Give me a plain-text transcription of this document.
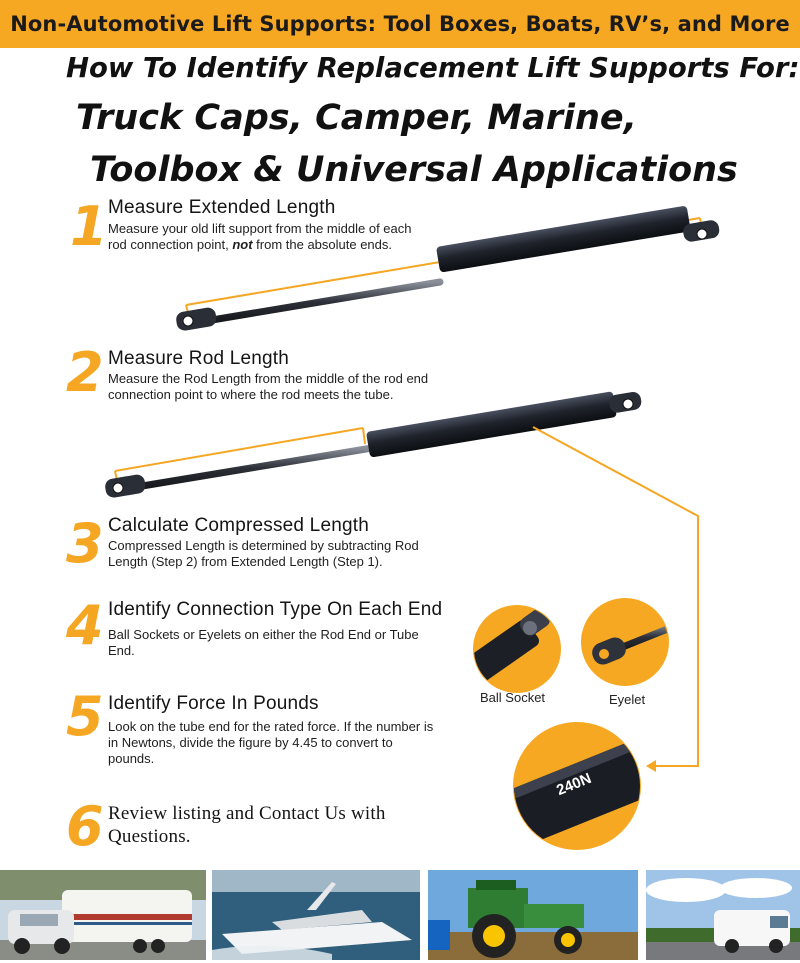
Non-Automotive Lift Supports: Tool Boxes, Boats, RV’s, and More
How To Identify Replacement Lift Supports For:
Truck Caps, Camper, Marine,
Toolbox & Universal Applications
240N
Ball Socket	Eyelet
1 Measure Extended Length
Measure your old lift support from the middle of each rod connection point, not from the absolute ends.
2 Measure Rod Length
Measure the Rod Length from the middle of the rod end connection point to where the rod meets the tube.
3 Calculate Compressed Length
Compressed Length is determined by subtracting Rod Length (Step 2) from Extended Length (Step 1).
4 Identify Connection Type On Each End
Ball Sockets or Eyelets on either the Rod End or Tube End.
5 Identify Force In Pounds
Look on the tube end for the rated force. If the number is in Newtons, divide the figure by 4.45 to convert to pounds.
6 Review listing and Contact Us with Questions.
